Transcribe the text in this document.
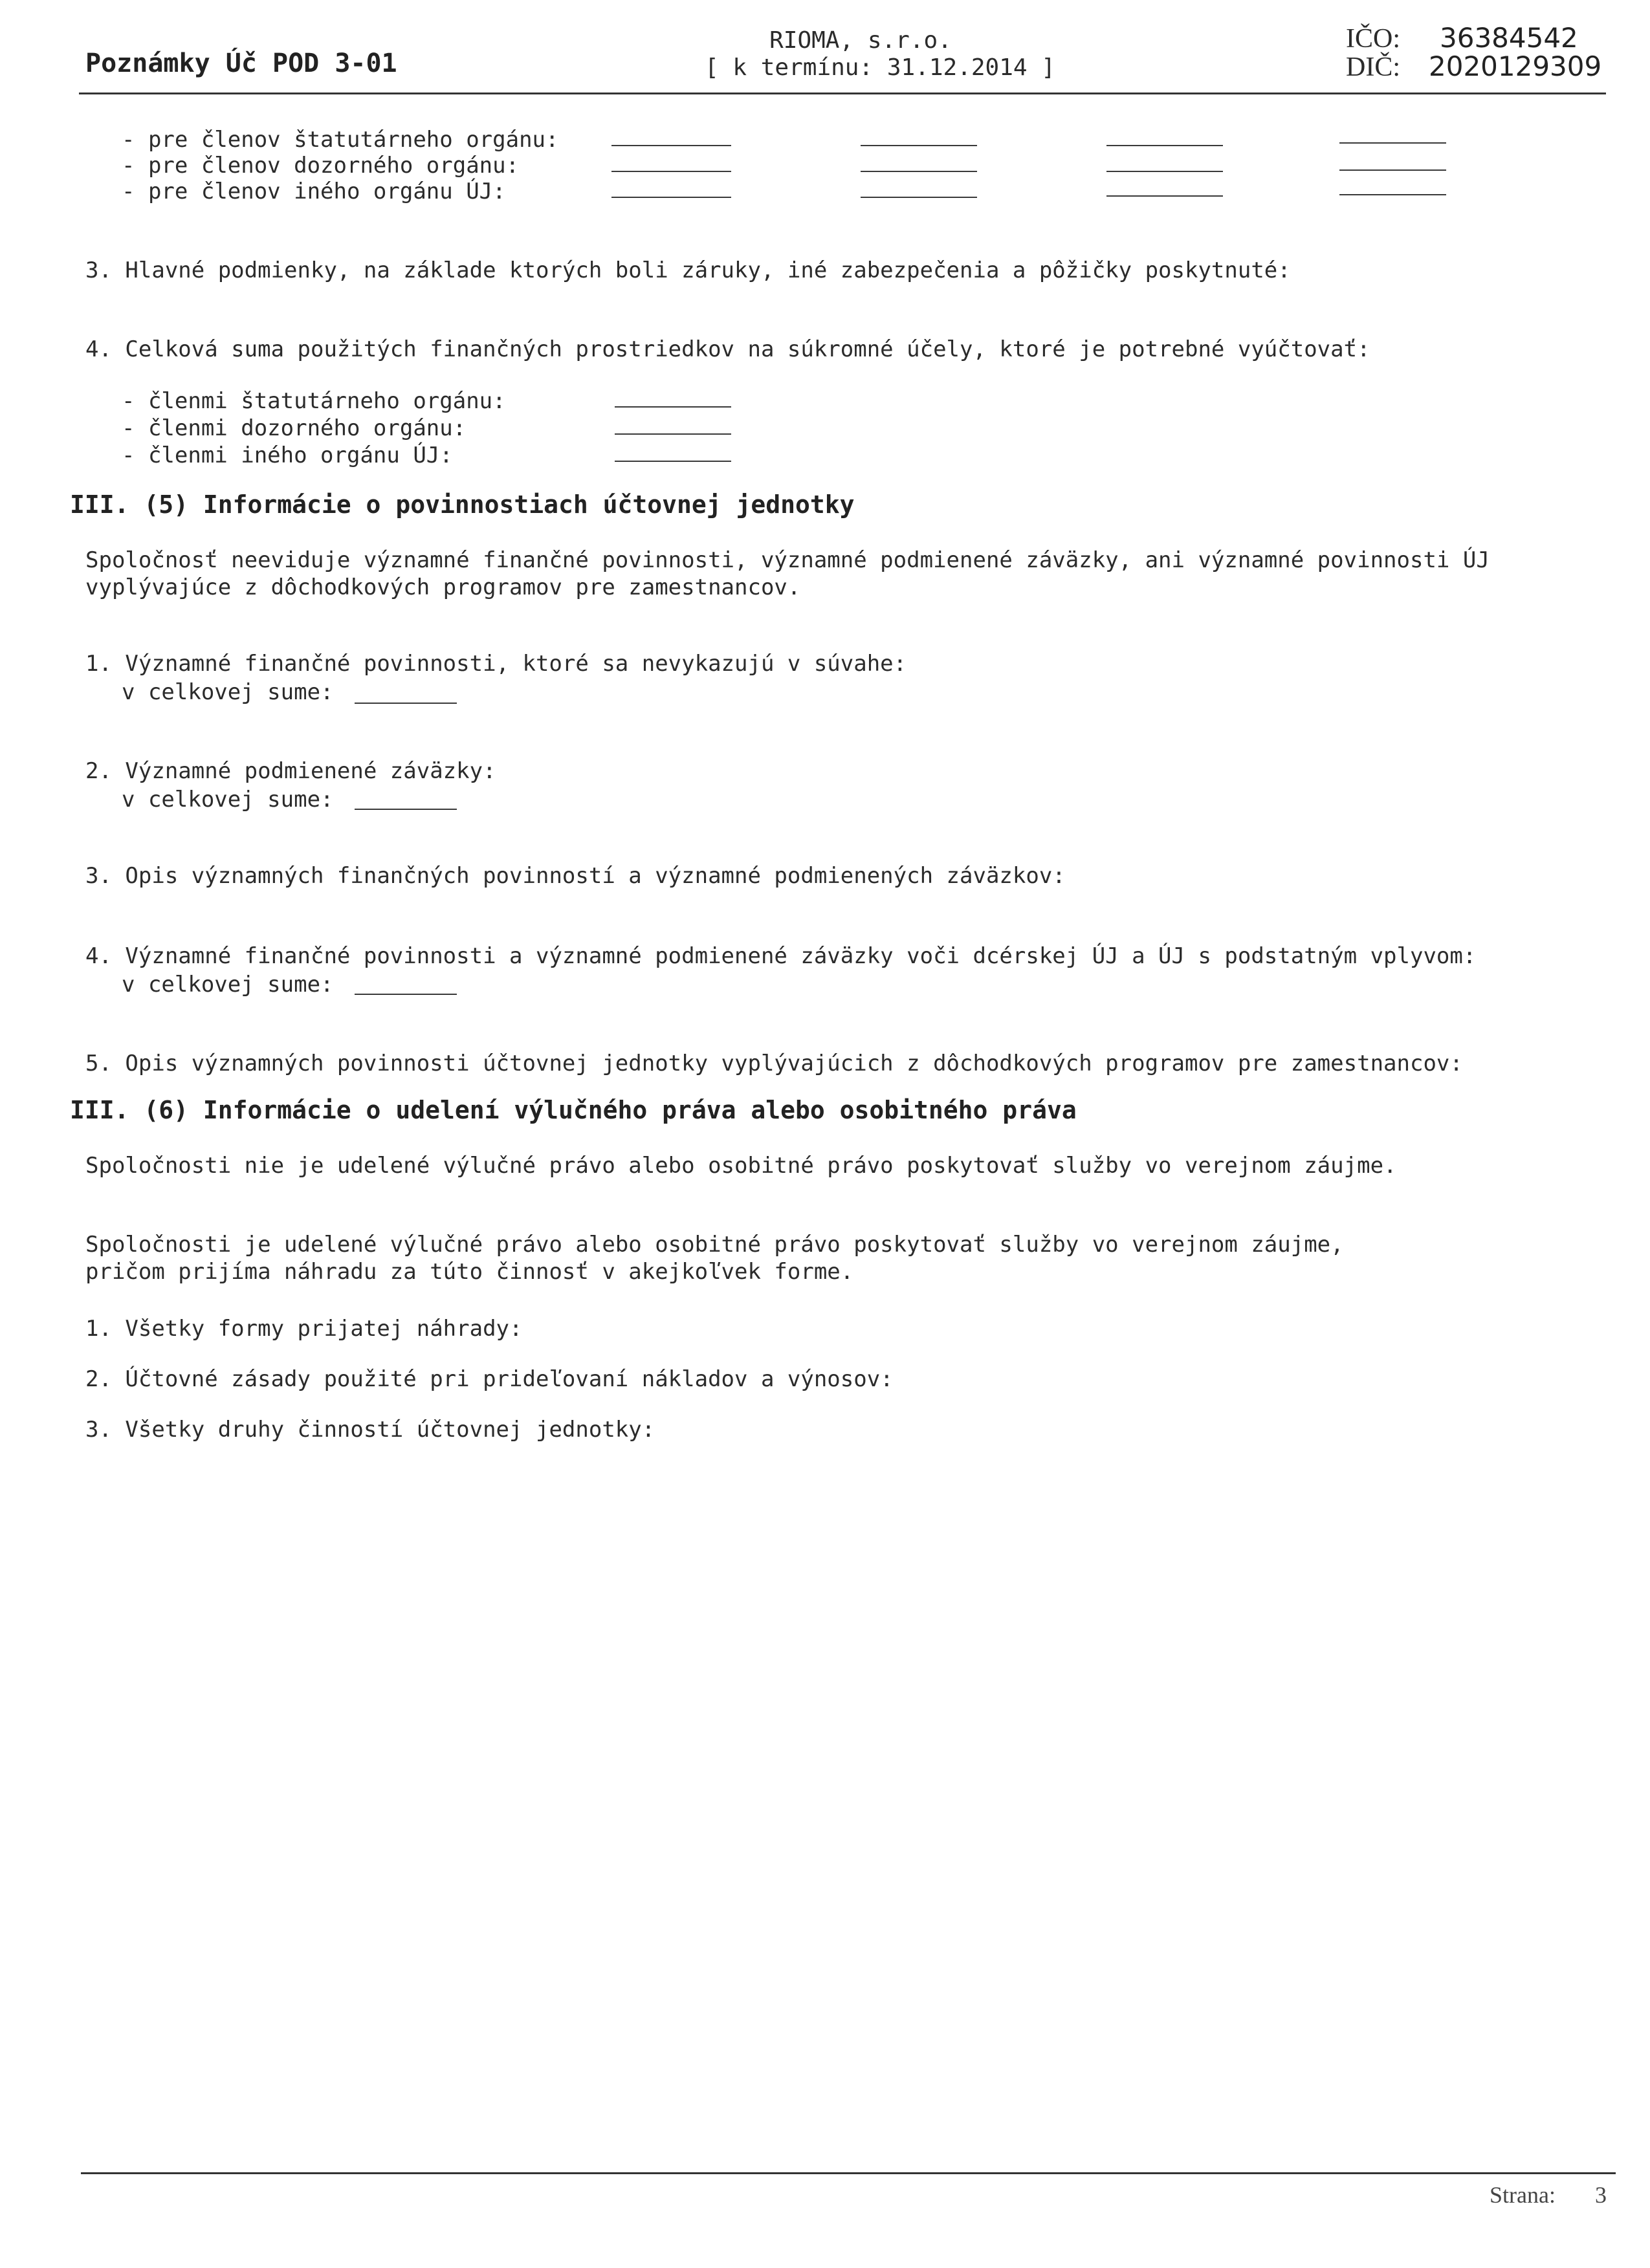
Poznámky Úč POD 3-01
RIOMA, s.r.o.
[ k termínu: 31.12.2014 ]
IČO: 36384542
DIČ: 2020129309
- pre členov štatutárneho orgánu:
- pre členov dozorného orgánu:
- pre členov iného orgánu ÚJ:
3. Hlavné podmienky, na základe ktorých boli záruky, iné zabezpečenia a pôžičky poskytnuté:
4. Celková suma použitých finančných prostriedkov na súkromné účely, ktoré je potrebné vyúčtovať:
- členmi štatutárneho orgánu:
- členmi dozorného orgánu:
- členmi iného orgánu ÚJ:
III. (5) Informácie o povinnostiach účtovnej jednotky
Spoločnosť neeviduje významné finančné povinnosti, významné podmienené záväzky, ani významné povinnosti ÚJ
vyplývajúce z dôchodkových programov pre zamestnancov.
1. Významné finančné povinnosti, ktoré sa nevykazujú v súvahe:
v celkovej sume:
2. Významné podmienené záväzky:
v celkovej sume:
3. Opis významných finančných povinností a významné podmienených záväzkov:
4. Významné finančné povinnosti a významné podmienené záväzky voči dcérskej ÚJ a ÚJ s podstatným vplyvom:
v celkovej sume:
5. Opis významných povinnosti účtovnej jednotky vyplývajúcich z dôchodkových programov pre zamestnancov:
III. (6) Informácie o udelení výlučného práva alebo osobitného práva
Spoločnosti nie je udelené výlučné právo alebo osobitné právo poskytovať služby vo verejnom záujme.
Spoločnosti je udelené výlučné právo alebo osobitné právo poskytovať služby vo verejnom záujme,
pričom prijíma náhradu za túto činnosť v akejkoľvek forme.
1. Všetky formy prijatej náhrady:
2. Účtovné zásady použité pri prideľovaní nákladov a výnosov:
3. Všetky druhy činností účtovnej jednotky:
Strana: 3
